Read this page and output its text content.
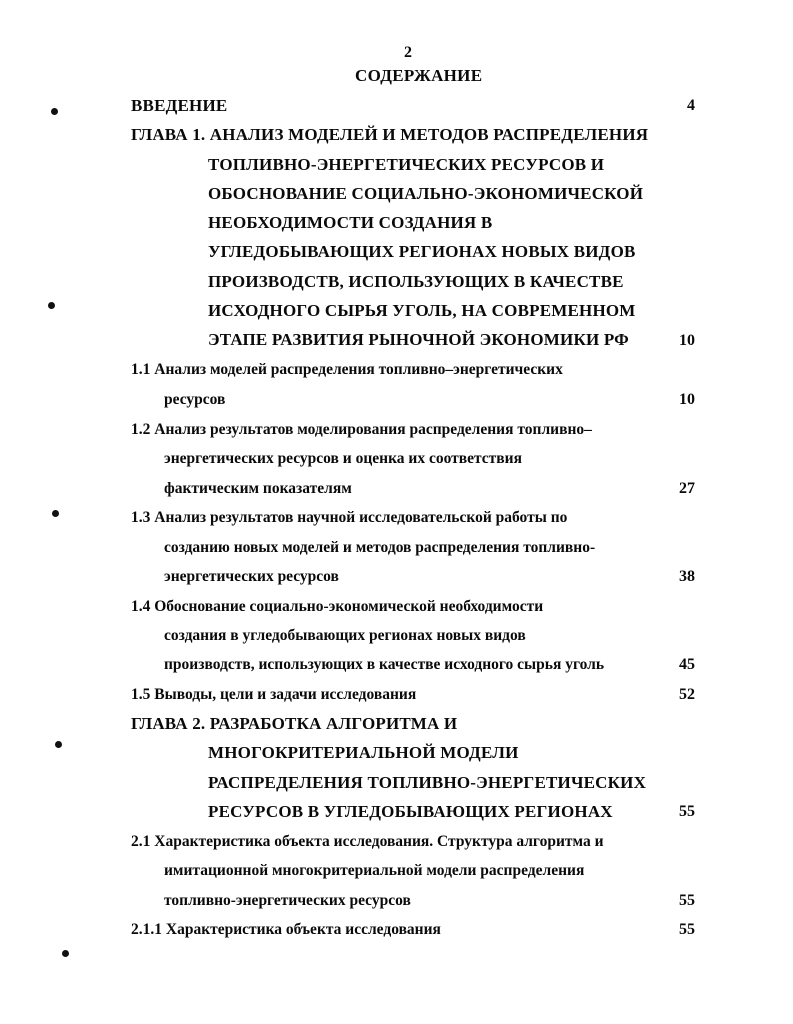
2
СОДЕРЖАНИЕ
ВВЕДЕНИЕ	4
ГЛАВА 1. АНАЛИЗ МОДЕЛЕЙ И МЕТОДОВ РАСПРЕДЕЛЕНИЯ
ТОПЛИВНО-ЭНЕРГЕТИЧЕСКИХ РЕСУРСОВ И
ОБОСНОВАНИЕ СОЦИАЛЬНО-ЭКОНОМИЧЕСКОЙ
НЕОБХОДИМОСТИ СОЗДАНИЯ В
УГЛЕДОБЫВАЮЩИХ РЕГИОНАХ НОВЫХ ВИДОВ
ПРОИЗВОДСТВ, ИСПОЛЬЗУЮЩИХ В КАЧЕСТВЕ
ИСХОДНОГО СЫРЬЯ УГОЛЬ, НА СОВРЕМЕННОМ
ЭТАПЕ РАЗВИТИЯ РЫНОЧНОЙ ЭКОНОМИКИ РФ	10
1.1 Анализ моделей распределения топливно–энергетических
ресурсов	10
1.2 Анализ результатов моделирования распределения топливно–
энергетических ресурсов и оценка их соответствия
фактическим показателям	27
1.3 Анализ результатов научной исследовательской работы по
созданию новых моделей и методов распределения топливно-
энергетических ресурсов	38
1.4 Обоснование социально-экономической необходимости
создания в угледобывающих регионах новых видов
производств, использующих в качестве исходного сырья уголь	45
1.5 Выводы, цели и задачи исследования	52
ГЛАВА 2. РАЗРАБОТКА АЛГОРИТМА И
МНОГОКРИТЕРИАЛЬНОЙ МОДЕЛИ
РАСПРЕДЕЛЕНИЯ ТОПЛИВНО-ЭНЕРГЕТИЧЕСКИХ
РЕСУРСОВ В УГЛЕДОБЫВАЮЩИХ РЕГИОНАХ	55
2.1 Характеристика объекта исследования. Структура алгоритма и
имитационной многокритериальной модели распределения
топливно-энергетических ресурсов	55
2.1.1 Характеристика объекта исследования	55
